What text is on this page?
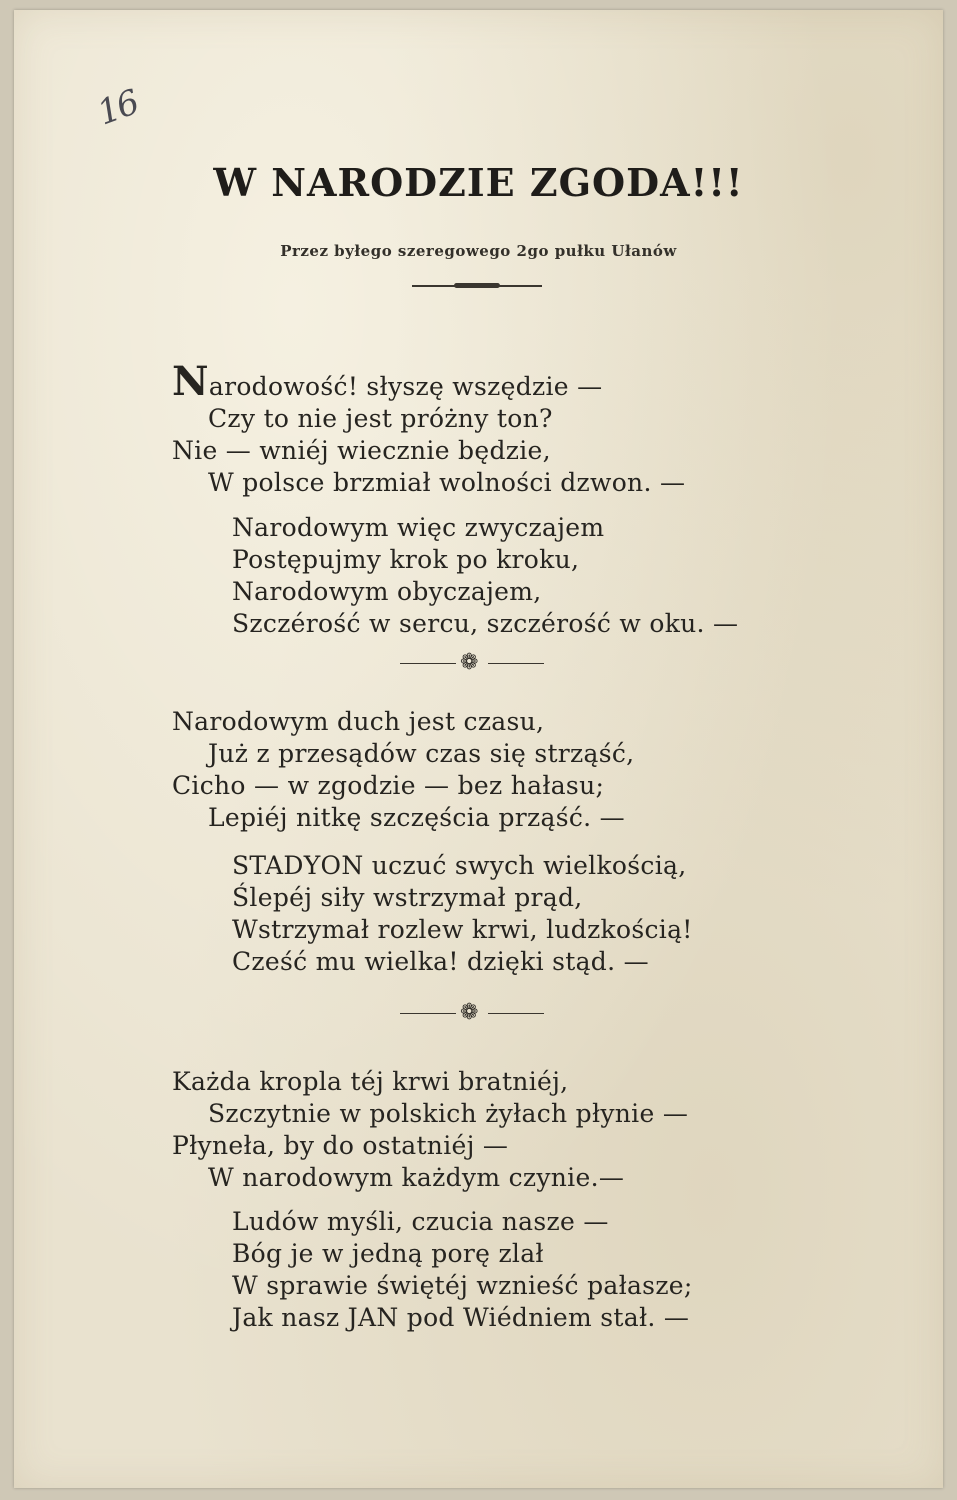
16
W NARODZIE ZGODA!!!
Przez byłego szeregowego 2go pułku Ułanów
Narodowość! słyszę wszędzie —
Czy to nie jest próżny ton?
Nie — wniéj wiecznie będzie,
W polsce brzmiał wolności dzwon. —
Narodowym więc zwyczajem
Postępujmy krok po kroku,
Narodowym obyczajem,
Szczérość w sercu, szczérość w oku. —
❁
Narodowym duch jest czasu,
Już z przesądów czas się strząść,
Cicho — w zgodzie — bez hałasu;
Lepiéj nitkę szczęścia prząść. —
STADYON uczuć swych wielkością,
Ślepéj siły wstrzymał prąd,
Wstrzymał rozlew krwi, ludzkością!
Cześć mu wielka! dzięki stąd. —
❁
Każda kropla téj krwi bratniéj,
Szczytnie w polskich żyłach płynie —
Płyneła, by do ostatniéj —
W narodowym każdym czynie.—
Ludów myśli, czucia nasze —
Bóg je w jedną porę zlał
W sprawie świętéj wznieść pałasze;
Jak nasz JAN pod Wiédniem stał. —
